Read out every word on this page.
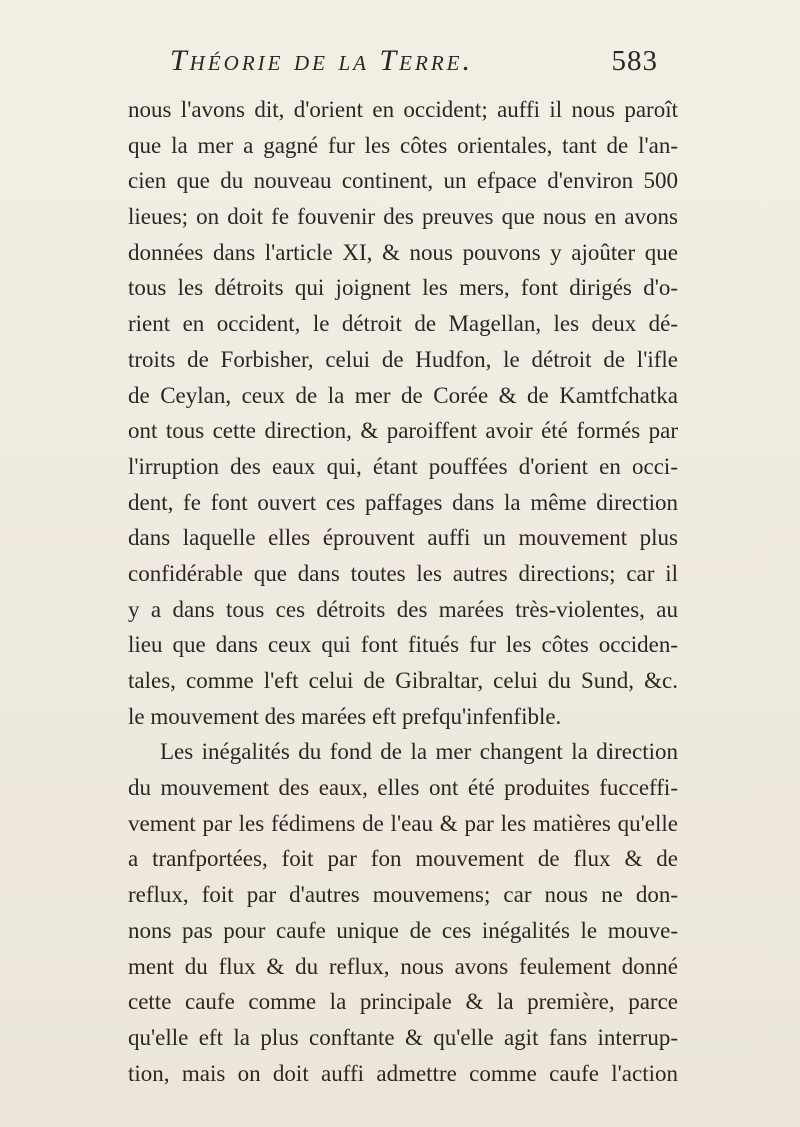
Théorie de la Terre.	583
nous l'avons dit, d'orient en occident; auffi il nous paroît
que la mer a gagné fur les côtes orientales, tant de l'an-
cien que du nouveau continent, un efpace d'environ 500
lieues; on doit fe fouvenir des preuves que nous en avons
données dans l'article XI, & nous pouvons y ajoûter que
tous les détroits qui joignent les mers, font dirigés d'o-
rient en occident, le détroit de Magellan, les deux dé-
troits de Forbisher, celui de Hudfon, le détroit de l'ifle
de Ceylan, ceux de la mer de Corée & de Kamtfchatka
ont tous cette direction, & paroiffent avoir été formés par
l'irruption des eaux qui, étant pouffées d'orient en occi-
dent, fe font ouvert ces paffages dans la même direction
dans laquelle elles éprouvent auffi un mouvement plus
confidérable que dans toutes les autres directions; car il
y a dans tous ces détroits des marées très-violentes, au
lieu que dans ceux qui font fitués fur les côtes occiden-
tales, comme l'eft celui de Gibraltar, celui du Sund, &c.
le mouvement des marées eft prefqu'infenfible.
Les inégalités du fond de la mer changent la direction
du mouvement des eaux, elles ont été produites fucceffi-
vement par les fédimens de l'eau & par les matières qu'elle
a tranfportées, foit par fon mouvement de flux & de
reflux, foit par d'autres mouvemens; car nous ne don-
nons pas pour caufe unique de ces inégalités le mouve-
ment du flux & du reflux, nous avons feulement donné
cette caufe comme la principale & la première, parce
qu'elle eft la plus conftante & qu'elle agit fans interrup-
tion, mais on doit auffi admettre comme caufe l'action
